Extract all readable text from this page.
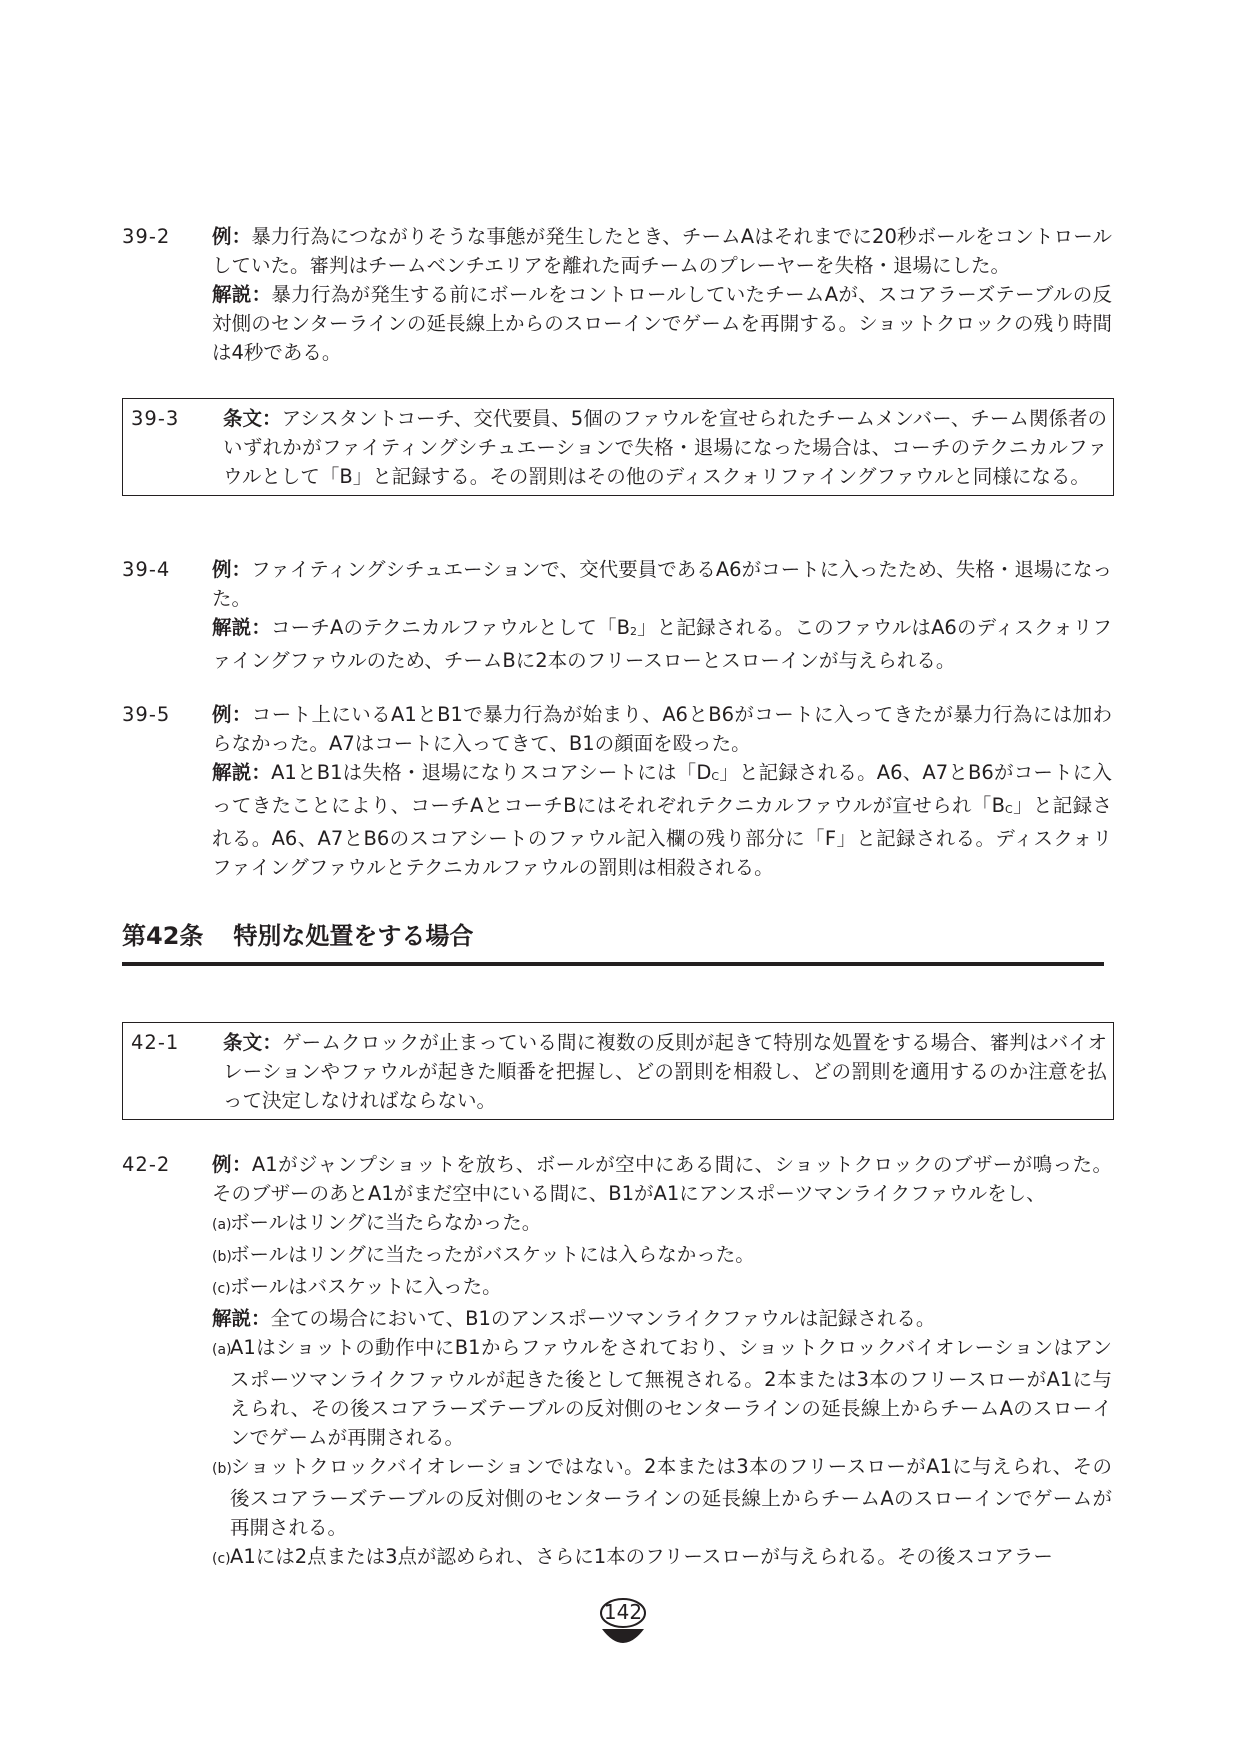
39-2 例：暴力行為につながりそうな事態が発生したとき、チームAはそれまでに20秒ボールをコントロールしていた。審判はチームベンチエリアを離れた両チームのプレーヤーを失格・退場にした。

解説：暴力行為が発生する前にボールをコントロールしていたチームAが、スコアラーズテーブルの反対側のセンターラインの延長線上からのスローインでゲームを再開する。ショットクロックの残り時間は4秒である。

39-3 条文：アシスタントコーチ、交代要員、5個のファウルを宣せられたチームメンバー、チーム関係者のいずれかがファイティングシチュエーションで失格・退場になった場合は、コーチのテクニカルファウルとして「B」と記録する。その罰則はその他のディスクォリファイングファウルと同様になる。

39-4 例：ファイティングシチュエーションで、交代要員であるA6がコートに入ったため、失格・退場になった。

解説：コーチAのテクニカルファウルとして「$B_2$」と記録される。このファウルはA6のディスクォリファイングファウルのため、チームBに2本のフリースローとスローインが与えられる。

39-5 例：コート上にいるA1とB1で暴力行為が始まり、A6とB6がコートに入ってきたが暴力行為には加わらなかった。A7はコートに入ってきて、B1の顔面を殴った。

解説：A1とB1は失格・退場になりスコアシートには「$D_C$」と記録される。A6、A7とB6がコートに入ってきたことにより、コーチAとコーチBにはそれぞれテクニカルファウルが宣せられ「$B_C$」と記録される。A6、A7とB6のスコアシートのファウル記入欄の残り部分に「F」と記録される。ディスクォリファイングファウルとテクニカルファウルの罰則は相殺される。

第42条 特別な処置をする場合
42-1 条文：ゲームクロックが止まっている間に複数の反則が起きて特別な処置をする場合、審判はバイオレーションやファウルが起きた順番を把握し、どの罰則を相殺し、どの罰則を適用するのか注意を払って決定しなければならない。

42-2 例：A1がジャンプショットを放ち、ボールが空中にある間に、ショットクロックのブザーが鳴った。そのブザーのあとA1がまだ空中にいる間に、B1がA1にアンスポーツマンライクファウルをし、

(a)ボールはリングに当たらなかった。

(b)ボールはリングに当たったがバスケットには入らなかった。

(c)ボールはバスケットに入った。

解説：全ての場合において、B1のアンスポーツマンライクファウルは記録される。

(a)A1はショットの動作中にB1からファウルをされており、ショットクロックバイオレーションはアンスポーツマンライクファウルが起きた後として無視される。2本または3本のフリースローがA1に与えられ、その後スコアラーズテーブルの反対側のセンターラインの延長線上からチームAのスローインでゲームが再開される。

(b)ショットクロックバイオレーションではない。2本または3本のフリースローがA1に与えられ、その後スコアラーズテーブルの反対側のセンターラインの延長線上からチームAのスローインでゲームが再開される。

(c)A1には2点または3点が認められ、さらに1本のフリースローが与えられる。その後スコアラー

142
